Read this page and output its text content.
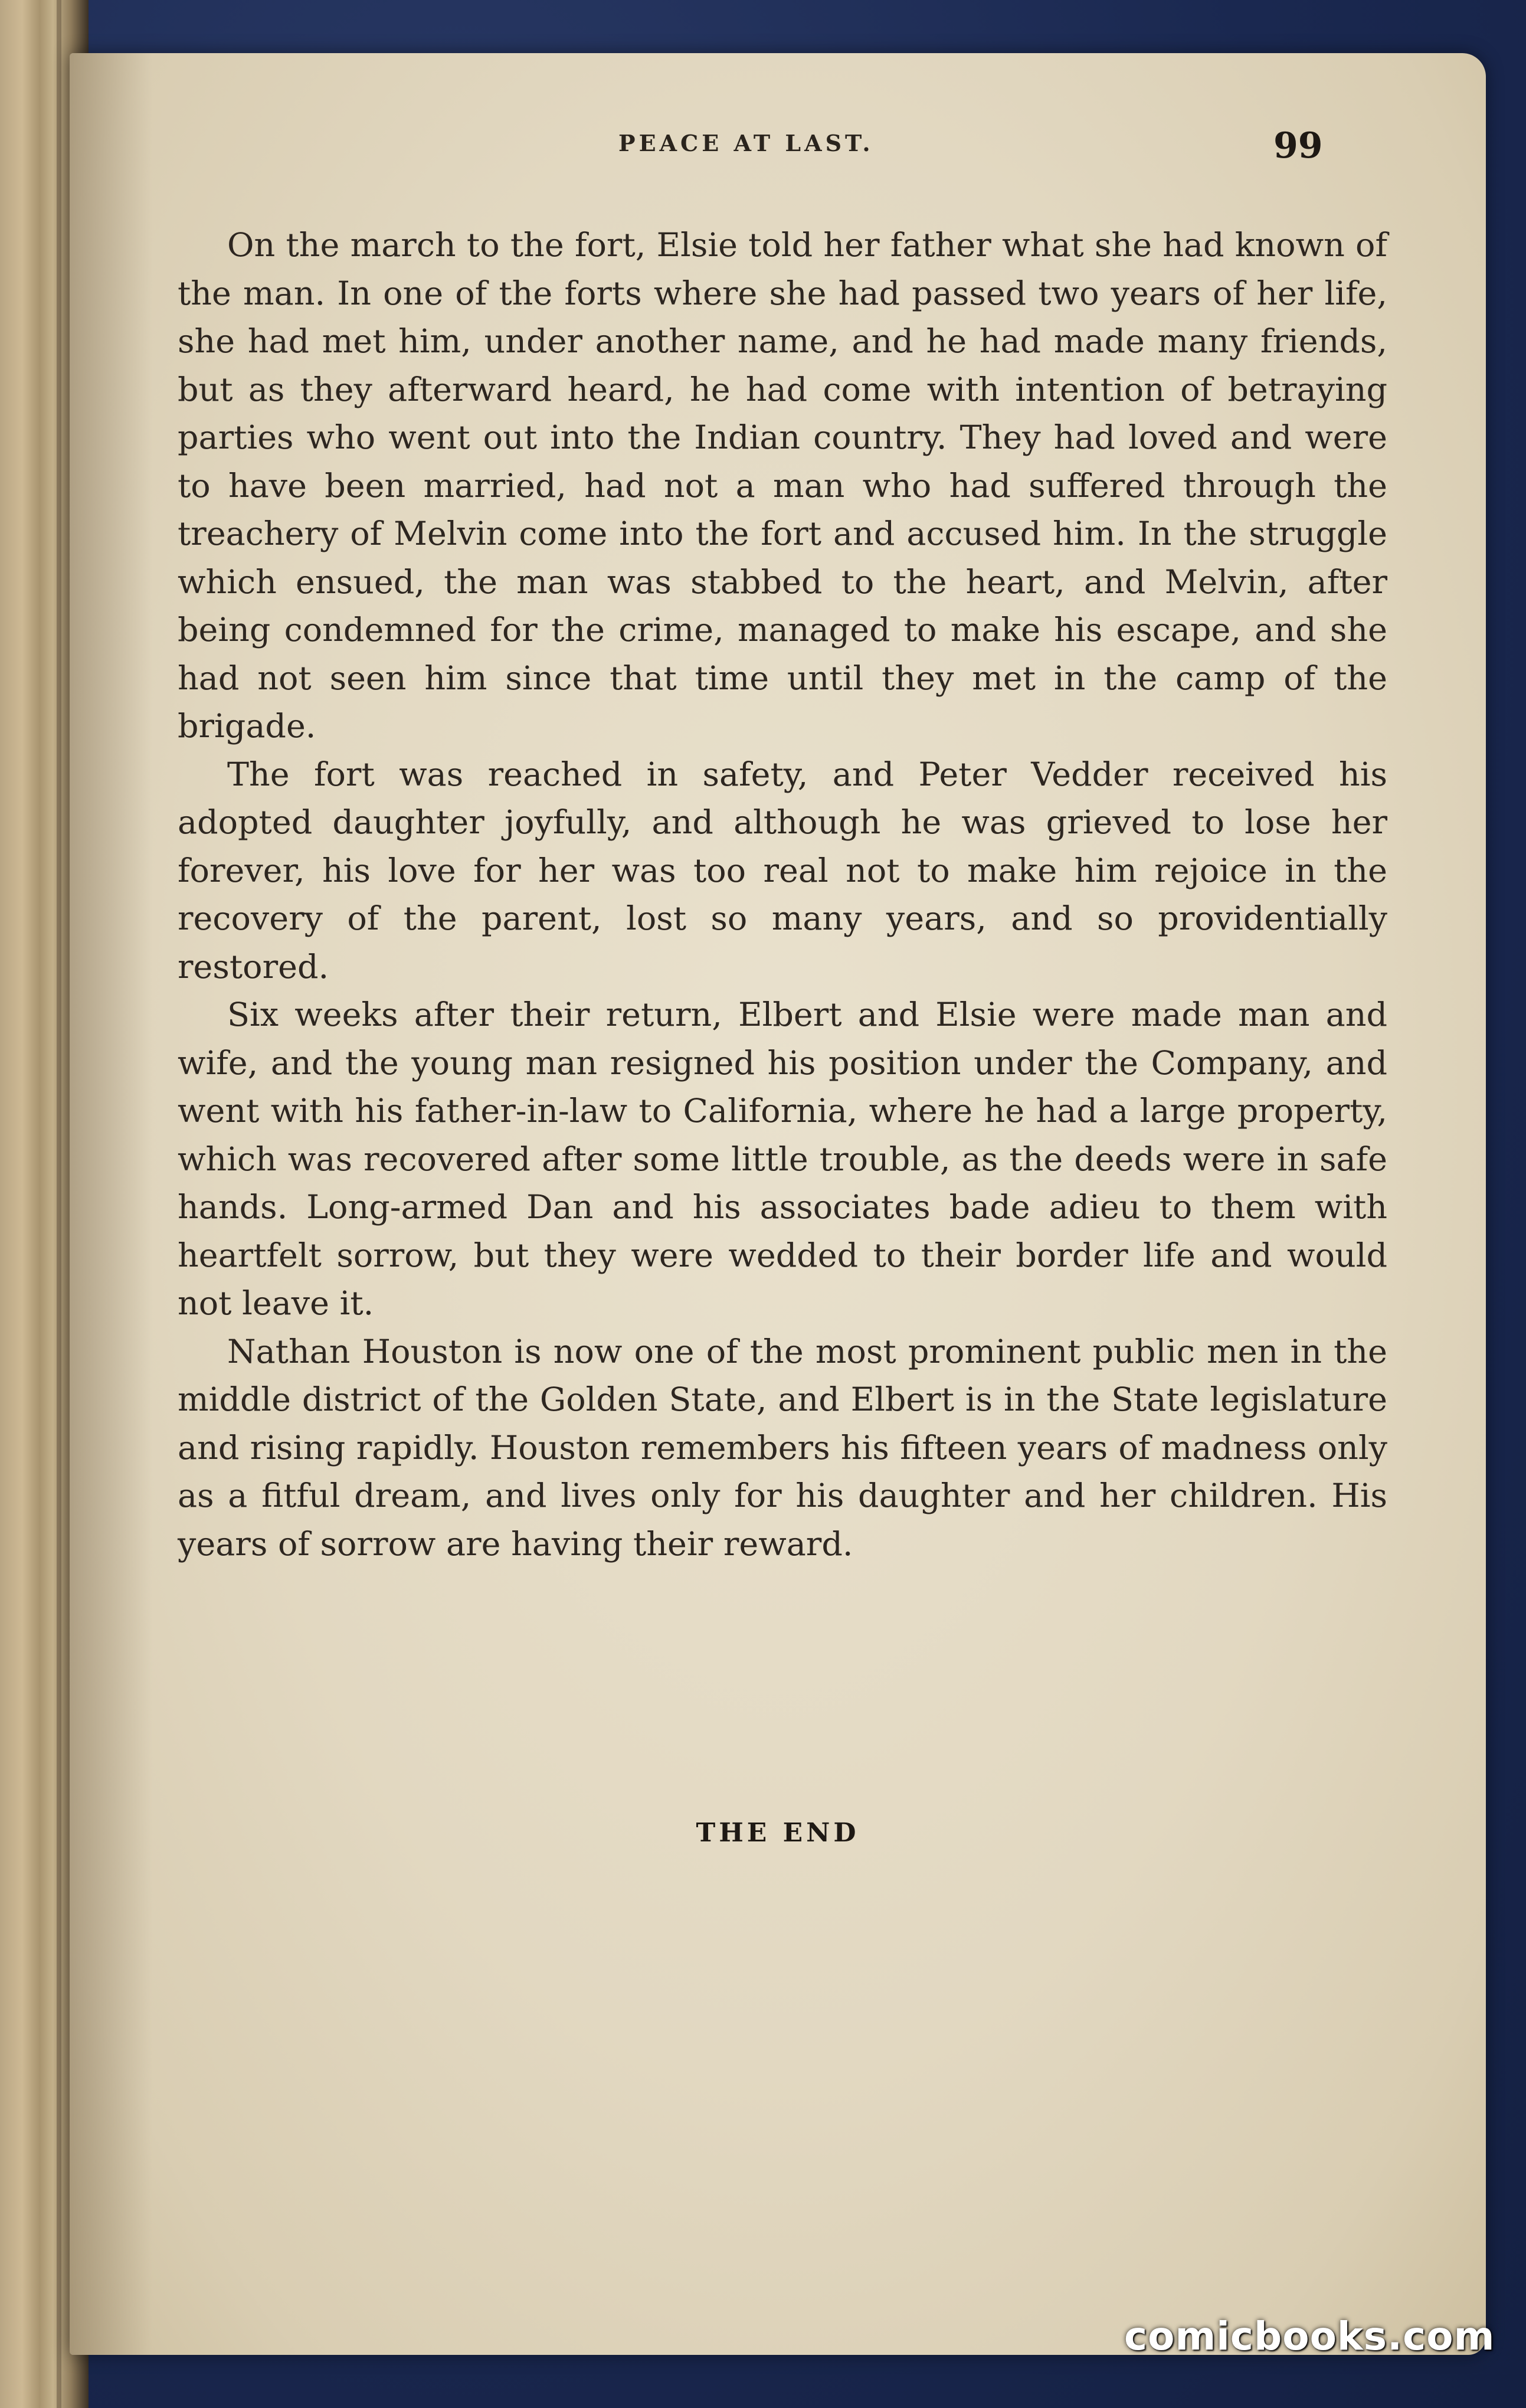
PEACE AT LAST.	99

On the march to the fort, Elsie told her father what she had known of the man. In one of the forts where she had passed two years of her life, she had met him, under another name, and he had made many friends, but as they afterward heard, he had come with intention of betraying parties who went out into the Indian country. They had loved and were to have been married, had not a man who had suffered through the treachery of Melvin come into the fort and accused him. In the struggle which ensued, the man was stabbed to the heart, and Melvin, after being condemned for the crime, managed to make his escape, and she had not seen him since that time until they met in the camp of the brigade.

The fort was reached in safety, and Peter Vedder received his adopted daughter joyfully, and although he was grieved to lose her forever, his love for her was too real not to make him rejoice in the recovery of the parent, lost so many years, and so providentially restored.

Six weeks after their return, Elbert and Elsie were made man and wife, and the young man resigned his position under the Company, and went with his father-in-law to California, where he had a large property, which was recovered after some little trouble, as the deeds were in safe hands. Long-armed Dan and his associates bade adieu to them with heartfelt sorrow, but they were wedded to their border life and would not leave it.

Nathan Houston is now one of the most prominent public men in the middle district of the Golden State, and Elbert is in the State legislature and rising rapidly. Houston remembers his fifteen years of madness only as a fitful dream, and lives only for his daughter and her children. His years of sorrow are having their reward.

THE END
comicbooks.com
